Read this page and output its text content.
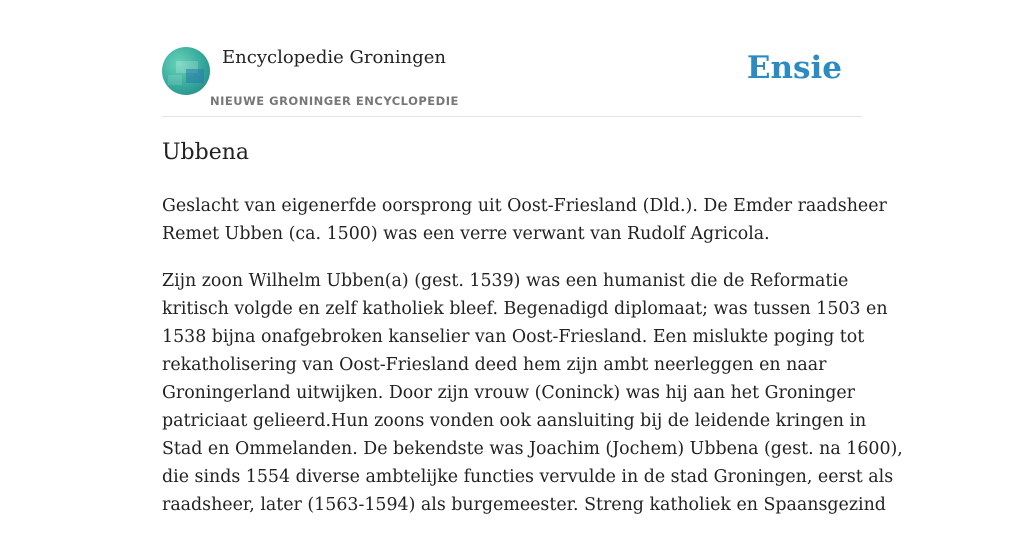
Encyclopedie Groningen
NIEUWE GRONINGER ENCYCLOPEDIE
Ensie
Ubbena

Geslacht van eigenerfde oorsprong uit Oost-Friesland (Dld.). De Emder raadsheer
Remet Ubben (ca. 1500) was een verre verwant van Rudolf Agricola.

Zijn zoon Wilhelm Ubben(a) (gest. 1539) was een humanist die de Reformatie
kritisch volgde en zelf katholiek bleef. Begenadigd diplomaat; was tussen 1503 en
1538 bijna onafgebroken kanselier van Oost-Friesland. Een mislukte poging tot
rekatholisering van Oost-Friesland deed hem zijn ambt neerleggen en naar
Groningerland uitwijken. Door zijn vrouw (Coninck) was hij aan het Groninger
patriciaat gelieerd.Hun zoons vonden ook aansluiting bij de leidende kringen in
Stad en Ommelanden. De bekendste was Joachim (Jochem) Ubbena (gest. na 1600),
die sinds 1554 diverse ambtelijke functies vervulde in de stad Groningen, eerst als
raadsheer, later (1563-1594) als burgemeester. Streng katholiek en Spaansgezind
